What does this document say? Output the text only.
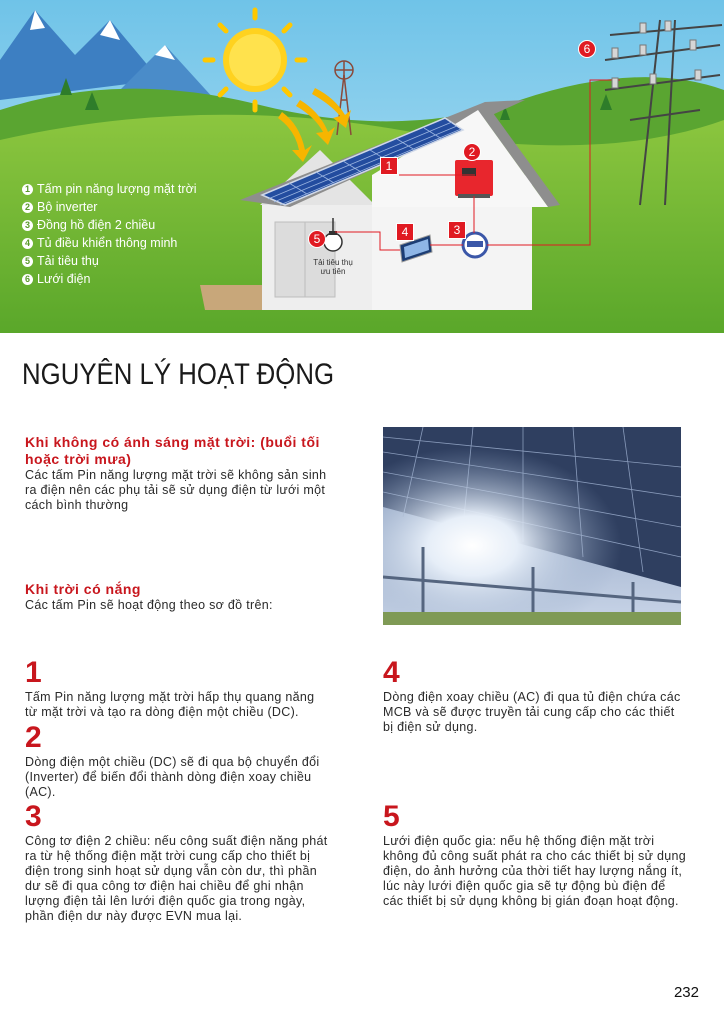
1 Tấm pin năng lượng mặt trời
2 Bộ inverter
3 Đồng hồ điện 2 chiều
4 Tủ điều khiển thông minh
5 Tải tiêu thụ
6 Lưới điện
1
2
3
4
5
6
Tải tiêu thụ ưu tiên
NGUYÊN LÝ HOẠT ĐỘNG
Khi không có ánh sáng mặt trời: (buổi tối hoặc trời mưa)
Các tấm Pin năng lượng mặt trời sẽ không sản sinh ra điện nên các phụ tải sẽ sử dụng điện từ lưới một cách bình thường
Khi trời có nắng
Các tấm Pin sẽ hoạt động theo sơ đồ trên:
1
Tấm Pin năng lượng mặt trời hấp thụ quang năng từ mặt trời và tạo ra dòng điện một chiều (DC).
2
Dòng điện một chiều (DC) sẽ đi qua bộ chuyển đổi (Inverter) để biến đổi thành dòng điện xoay chiều (AC).
3
Công tơ điện 2 chiều: nếu công suất điện năng phát ra từ hệ thống điện mặt trời cung cấp cho thiết bị điện trong sinh hoạt sử dụng vẫn còn dư, thì phần dư sẽ đi qua công tơ điện hai chiều để ghi nhận lượng điện tải lên lưới điện quốc gia trong ngày, phần điện dư này được EVN mua lại.
4
Dòng điện xoay chiều (AC) đi qua tủ điện chứa các MCB và sẽ được truyền tải cung cấp cho các thiết bị điện sử dụng.
5
Lưới điện quốc gia: nếu hệ thống điện mặt trời không đủ công suất phát ra cho các thiết bị sử dụng điện, do ảnh hưởng của thời tiết hay lượng nắng ít, lúc này lưới điện quốc gia sẽ tự động bù điện để các thiết bị sử dụng không bị gián đoạn hoạt động.
232
